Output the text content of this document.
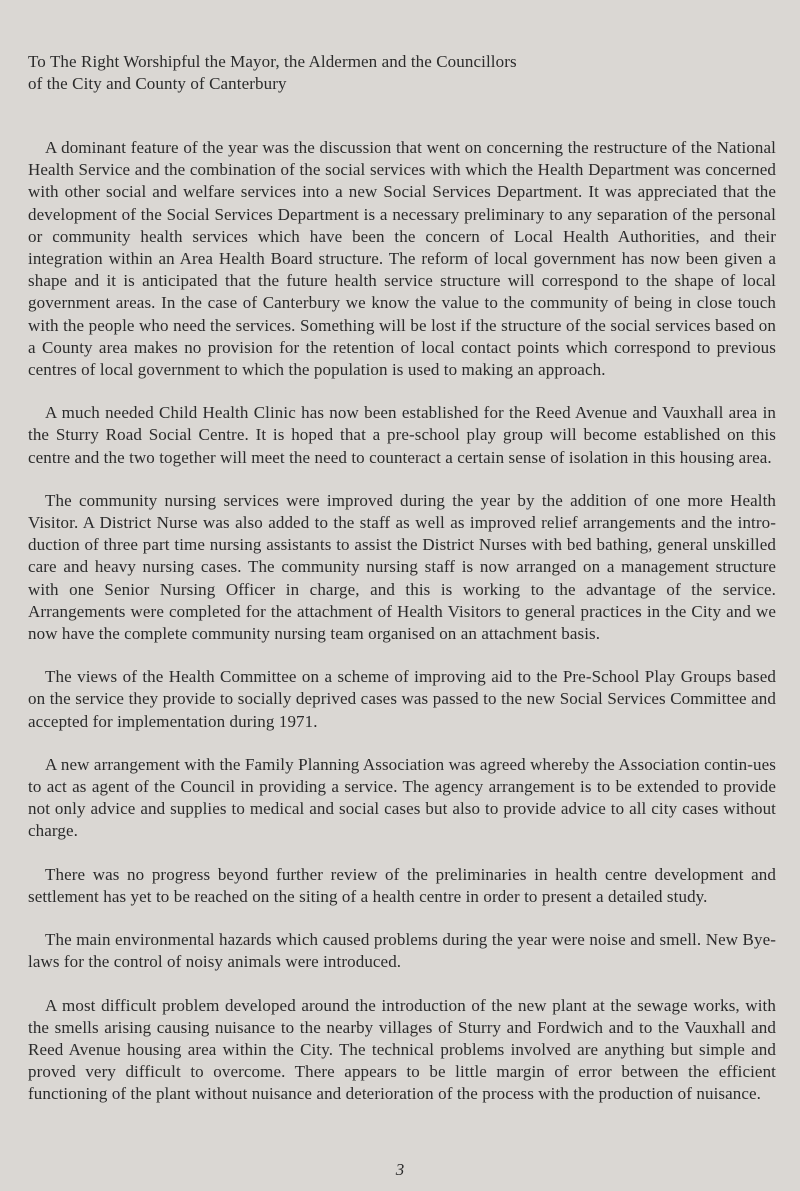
To The Right Worshipful the Mayor, the Aldermen and the Councillors
of the City and County of Canterbury

A dominant feature of the year was the discussion that went on concerning the restructure of the National Health Service and the combination of the social services with which the Health Department was concerned with other social and welfare services into a new Social Services Department. It was appreciated that the development of the Social Services Department is a necessary preliminary to any separation of the personal or community health services which have been the concern of Local Health Authorities, and their integration within an Area Health Board structure. The reform of local government has now been given a shape and it is anticipated that the future health service structure will correspond to the shape of local government areas. In the case of Canterbury we know the value to the community of being in close touch with the people who need the services. Something will be lost if the structure of the social services based on a County area makes no provision for the retention of local contact points which correspond to previous centres of local government to which the population is used to making an approach.

A much needed Child Health Clinic has now been established for the Reed Avenue and Vauxhall area in the Sturry Road Social Centre. It is hoped that a pre-school play group will become established on this centre and the two together will meet the need to counteract a certain sense of isolation in this housing area.

The community nursing services were improved during the year by the addition of one more Health Visitor. A District Nurse was also added to the staff as well as improved relief arrangements and the intro-duction of three part time nursing assistants to assist the District Nurses with bed bathing, general unskilled care and heavy nursing cases. The community nursing staff is now arranged on a management structure with one Senior Nursing Officer in charge, and this is working to the advantage of the service. Arrangements were completed for the attachment of Health Visitors to general practices in the City and we now have the complete community nursing team organised on an attachment basis.

The views of the Health Committee on a scheme of improving aid to the Pre-School Play Groups based on the service they provide to socially deprived cases was passed to the new Social Services Committee and accepted for implementation during 1971.

A new arrangement with the Family Planning Association was agreed whereby the Association contin-ues to act as agent of the Council in providing a service. The agency arrangement is to be extended to provide not only advice and supplies to medical and social cases but also to provide advice to all city cases without charge.

There was no progress beyond further review of the preliminaries in health centre development and settlement has yet to be reached on the siting of a health centre in order to present a detailed study.

The main environmental hazards which caused problems during the year were noise and smell. New Bye-laws for the control of noisy animals were introduced.

A most difficult problem developed around the introduction of the new plant at the sewage works, with the smells arising causing nuisance to the nearby villages of Sturry and Fordwich and to the Vauxhall and Reed Avenue housing area within the City. The technical problems involved are anything but simple and proved very difficult to overcome. There appears to be little margin of error between the efficient functioning of the plant without nuisance and deterioration of the process with the production of nuisance.

3
